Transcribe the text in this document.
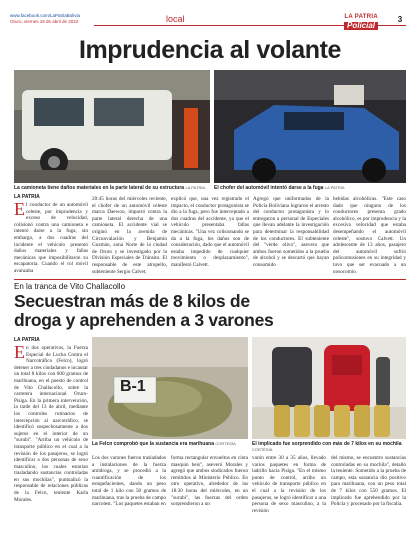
www.facebook.com/LaPatriaBolivia
Oruro, viernes 15 de abril de 2022	local	LA PATRIA
Policial
3
Imprudencia al volante
La camioneta tiene daños materiales en la parte lateral de su estructura LA PATRIA	El chofer del automóvil intentó darse a la fuga LA PATRIA
LA PATRIA
El conductor de un automóvil celeste, por imprudencia y exceso de velocidad, colisionó contra una camioneta e intentó darse a la fuga, sin embargo, a dos cuadras del incidente el vehículo presentó daños materiales y fallas mecánicas que imposibilitaron su escapatoria. Cuando el rol móvil avanzaba
20:45 horas del miércoles reciente, el chofer de un automóvil celeste marca Daewoo, impactó contra la parte lateral derecha de una camioneta. El accidente vial se originó en la avenida de Circunvalación y Benjamín Guzmán, zona Norte de la ciudad de Oruro y se investigado por la División Especiales de Tránsito. El responsable de este atropello, subteniente Sergio Calvet,
explicó que, una vez registrado el impacto, el conductor protagonista se dio a la fuga, pero fue interceptado a dos cuadras del accidente, ya que el vehículo presentaba fallas mecánicas. "Una vez colisionando se da a la fuga, los daños son de consideración, dado que el automóvil estaba impedido de cualquier movimiento o desplazamiento", manifestó Calvett.
Agregó que uniformados de la Policía Boliviana lograron el arresto del conductor protagonista y lo entregaron a personal de Especiales que llevan adelante la investigación para determinar la responsabilidad de los conductores. El subteniente del "verde olivo", asevera que ambos fueron sometidos a la prueba de alcohol y se descartó que hayan consumido
bebidas alcohólicas. "Este caso dado que ninguno de los conductores presenta grado alcohólico, es por imprudencia y la excesiva velocidad que estaba desempeñando el automóvil celeste", sostuvo Calvett. Un adolescente de 13 años, pasajero del automóvil sufrió policontusiones en su integridad y tuvo que ser evacuado a un nosocomio.
En la tranca de Vito Challacollo
Secuestran más de 8 kilos de
droga y aprehenden a 3 varones
LA PATRIA
En dos operativos, la Fuerza Especial de Lucha Contra el Narcotráfico (Felcn), logró detener a tres ciudadanos e incautar un total 8 kilos con 600 gramos de marihuana, en el puesto de control de Vito Challacollo, sobre la carretera internacional Oruro-Pisiga. En la primera intervención, la tarde del 13 de abril, mediante los controles rutinarios de intercepción al narcotráfico, se identificó sospechosamente a dos sujetos en el interior de un "surubi". "Arriba un vehículo de transporte público en el cual a la revisión de los pasajeros, se logró identificar a dos personas de sexo masculino, los cuales estarían trasladando sustancias controladas en sus mochilas", puntualizó la responsable de relaciones públicas de la Felcn, teniente Karla Morales.
B-1
La Felcn comprobó que la sustancia era marihuana CORTESÍA	El implicado fue sorprendido con más de 7 kilos en su mochila CORTESÍA
Los dos varones fueron trasladados a instalaciones de la fuerza antidroga, y se procedió a la cuantificación de los estupefacientes, dando un peso total de 1 kilo con 50 gramos de marihuana, tras la prueba de campo narcotest. "Los paquetes estaban en
forma rectangular envueltos en cinta masquin beis", aseveró Morales y agregó que ambos sindicados fueron remitidos al Ministerio Público. En otro operativo, alrededor de las 18:30 horas del miércoles, en un "surubi", las fuerzas del orden sorprendieron a un
varón entre 30 a 35 años, llevado varios paquetes en forma de ladrillo hacia Pisiga. "En el mismo punto de control, arriba un vehículo de transporte público en el cual a la revisión de los pasajeros, se logró identificar a una persona de sexo masculino, a la revisión
del mismo, se encuentro sustancias controladas en su mochila", detalló la teniente. Sometido a la prueba de campo, esta sustancia dio positivo para marihuana, con un peso total de 7 kilos con 550 gramos. El implicado fue aprehendido por la Policía y procesado por la fiscalía.
